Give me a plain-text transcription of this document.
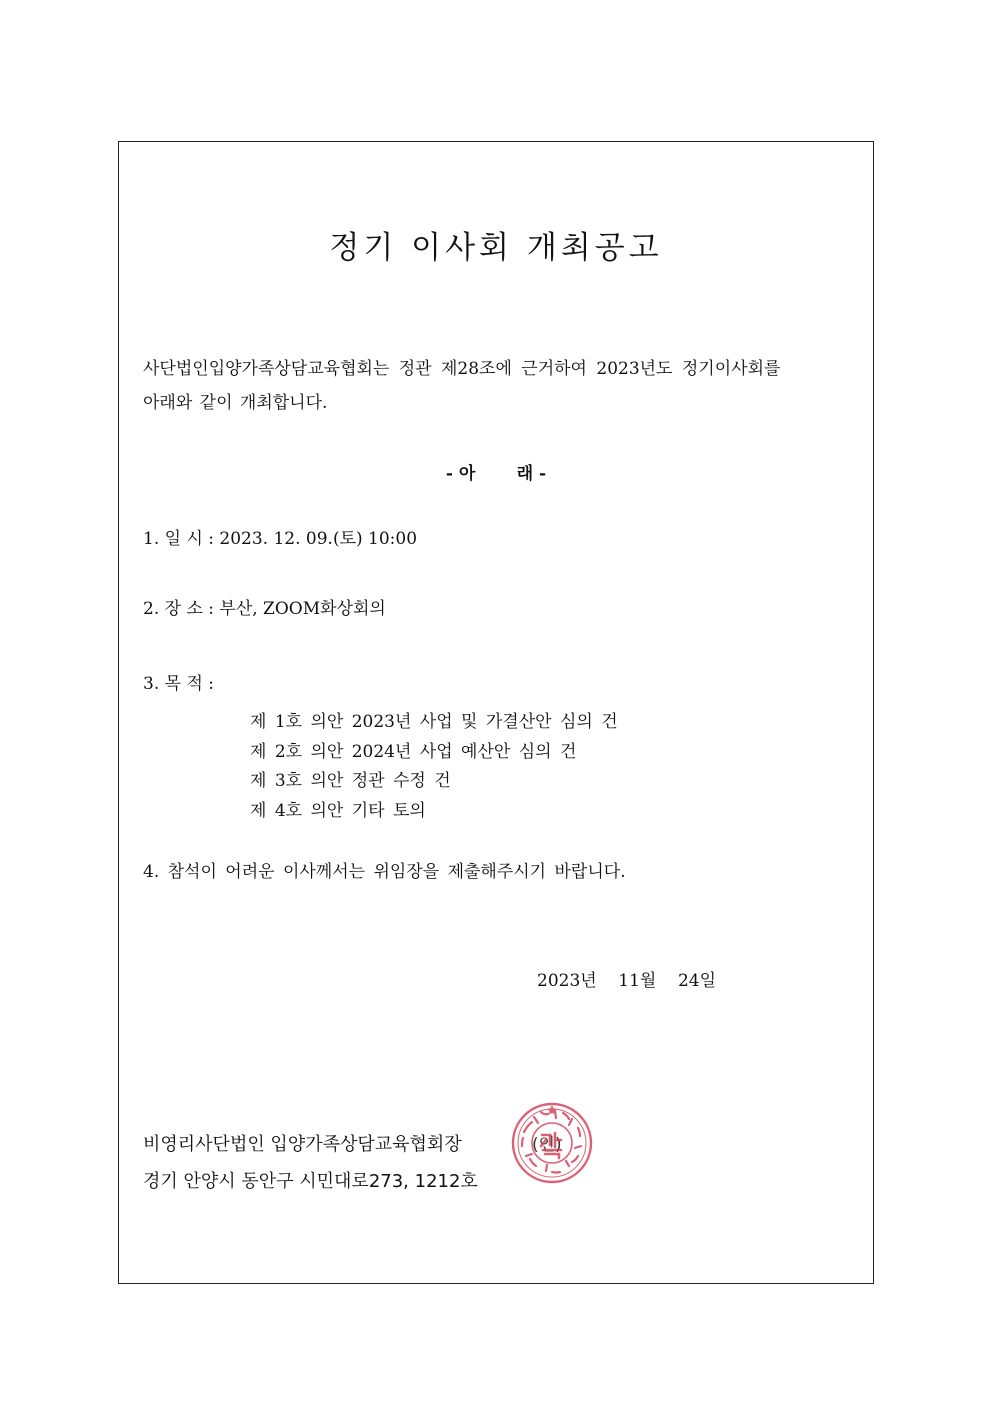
정기 이사회 개최공고
사단법인입양가족상담교육협회는 정관 제28조에 근거하여 2023년도 정기이사회를
아래와 같이 개최합니다.
- 아       래 -
1. 일 시 : 2023. 12. 09.(토) 10:00
2. 장 소 : 부산, ZOOM화상회의
3. 목 적 :
제 1호 의안 2023년 사업 및 가결산안 심의 건
제 2호 의안 2024년 사업 예산안 심의 건
제 3호 의안 정관 수정 건
제 4호 의안 기타 토의
4. 참석이 어려운 이사께서는 위임장을 제출해주시기 바랍니다.
2023년    11월    24일
비영리사단법인 입양가족상담교육협회장	(인)
경기 안양시 동안구 시민대로273, 1212호
